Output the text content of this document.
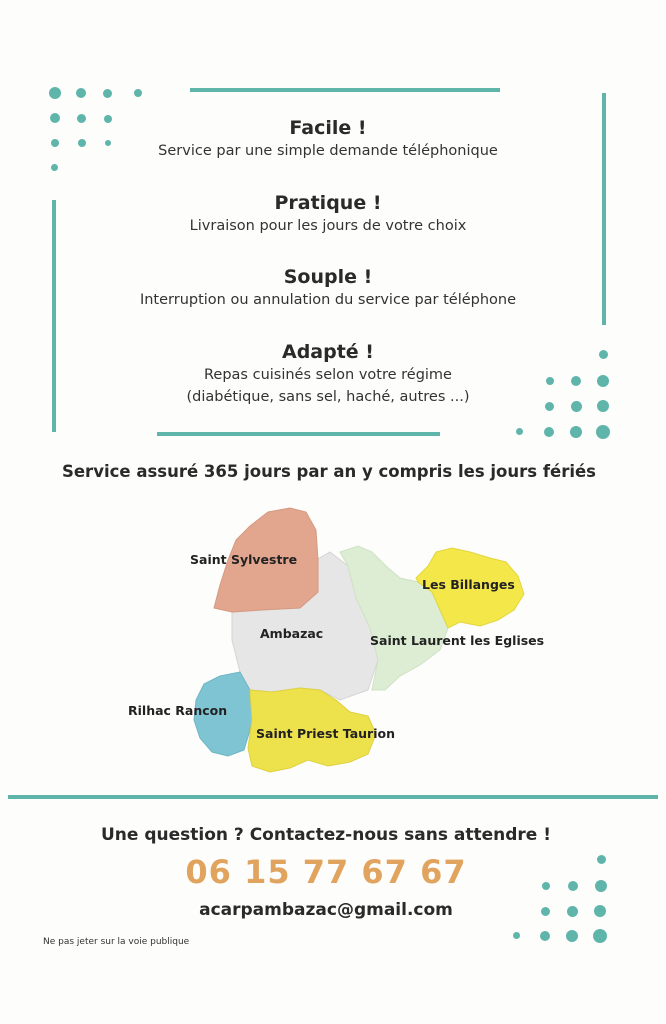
Facile !
Service par une simple demande téléphonique
Pratique !
Livraison pour les jours de votre choix
Souple !
Interruption ou annulation du service par téléphone
Adapté !
Repas cuisinés selon votre régime
(diabétique, sans sel, haché, autres ...)
Service assuré 365 jours par an y compris les jours fériés
Saint Sylvestre
Ambazac	Saint Laurent les Eglises
Les Billanges
Rilhac Rancon
Saint Priest Taurion
Une question ? Contactez-nous sans attendre !
06 15 77 67 67
acarpambazac@gmail.com
Ne pas jeter sur la voie publique
